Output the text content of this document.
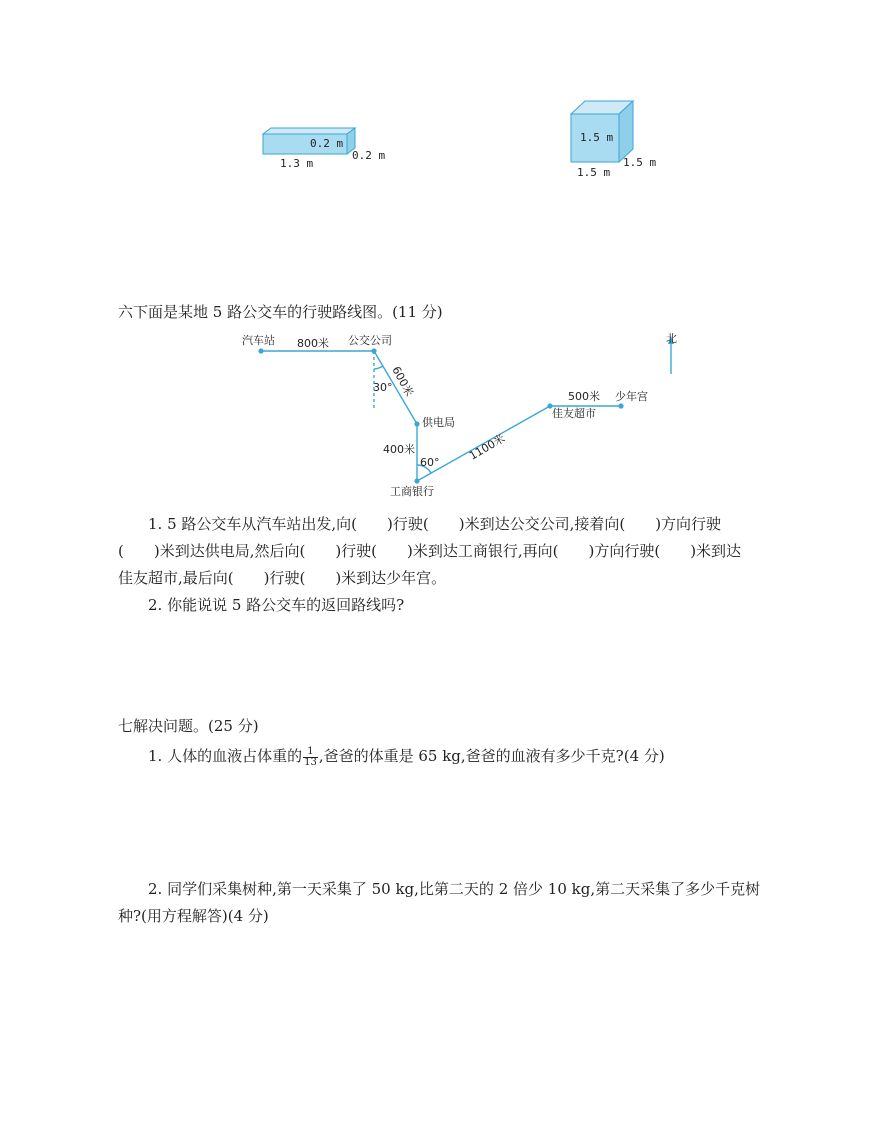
0.2 m
0.2 m
1.3 m
1.5 m
1.5 m
1.5 m
六下面是某地 5 路公交车的行驶路线图。(11 分)
北
汽车站	公交公司
供电局
工商银行
佳友超市
少年宫
800米
600米
400米	1100米
500米
30°
60°
1. 5 路公交车从汽车站出发,向(　　)行驶(　　)米到达公交公司,接着向(　　)方向行驶
(　　)米到达供电局,然后向(　　)行驶(　　)米到达工商银行,再向(　　)方向行驶(　　)米到达
佳友超市,最后向(　　)行驶(　　)米到达少年宫。
2. 你能说说 5 路公交车的返回路线吗?
七解决问题。(25 分)
1. 人体的血液占体重的 $\frac{1}{13}$ ,爸爸的体重是 65 kg,爸爸的血液有多少千克?(4 分)
2. 同学们采集树种,第一天采集了 50 kg,比第二天的 2 倍少 10 kg,第二天采集了多少千克树
种?(用方程解答)(4 分)
